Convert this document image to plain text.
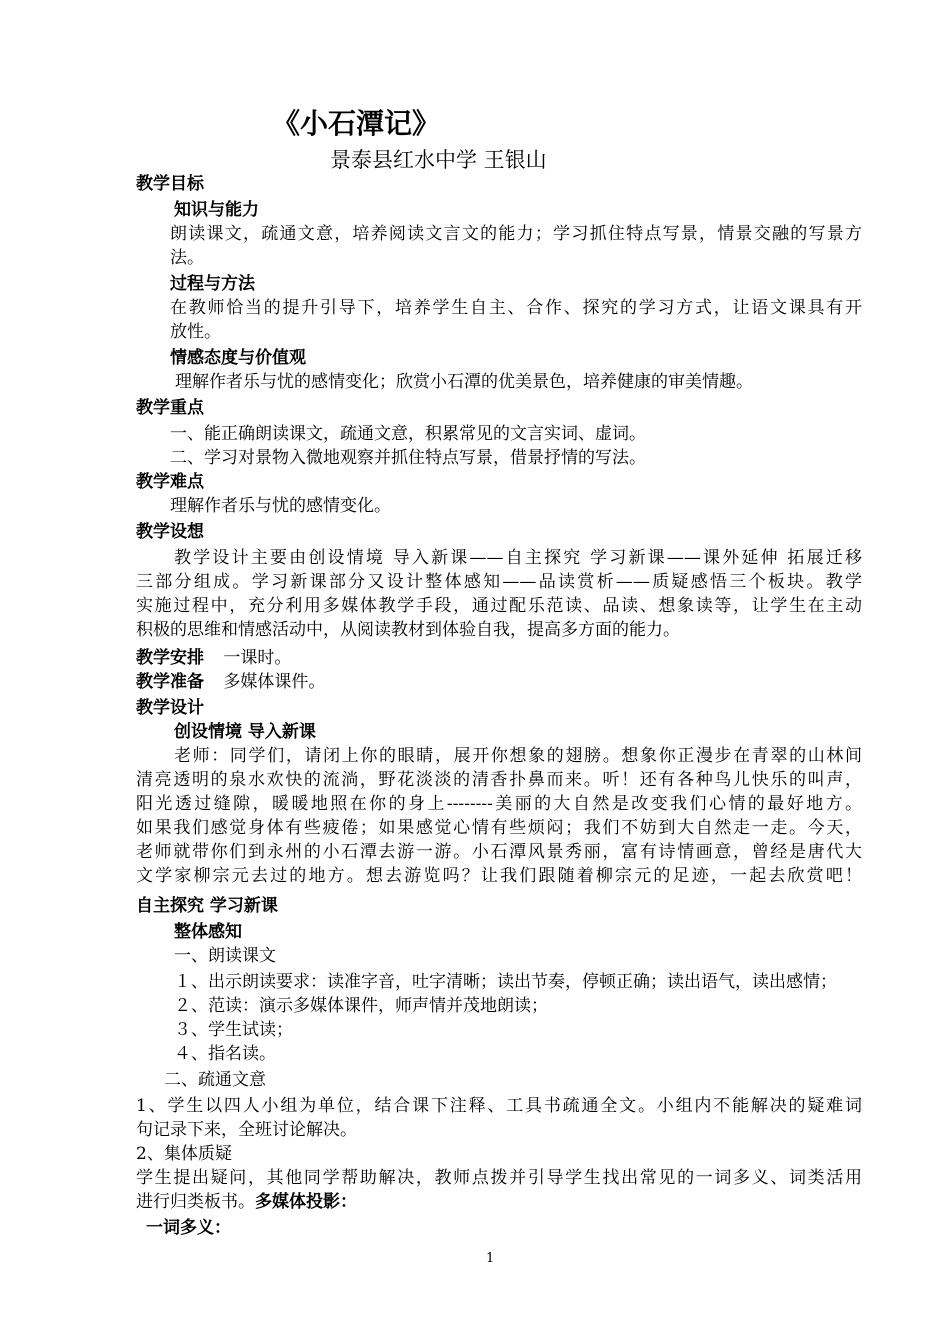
《小石潭记》
景泰县红水中学 王银山
教学目标
知识与能力
朗读课文，疏通文意，培养阅读文言文的能力；学习抓住特点写景，情景交融的写景方
法。
过程与方法
在教师恰当的提升引导下，培养学生自主、合作、探究的学习方式，让语文课具有开
放性。
情感态度与价值观
理解作者乐与忧的感情变化；欣赏小石潭的优美景色，培养健康的审美情趣。
教学重点
一、能正确朗读课文，疏通文意，积累常见的文言实词、虚词。
二、学习对景物入微地观察并抓住特点写景，借景抒情的写法。
教学难点
理解作者乐与忧的感情变化。
教学设想
教学设计主要由创设情境 导入新课——自主探究 学习新课——课外延伸 拓展迁移
三部分组成。学习新课部分又设计整体感知——品读赏析——质疑感悟三个板块。教学
实施过程中，充分利用多媒体教学手段，通过配乐范读、品读、想象读等，让学生在主动
积极的思维和情感活动中，从阅读教材到体验自我，提高多方面的能力。
教学安排 一课时。
教学准备 多媒体课件。
教学设计
创设情境 导入新课
老师：同学们，请闭上你的眼睛，展开你想象的翅膀。想象你正漫步在青翠的山林间
清亮透明的泉水欢快的流淌，野花淡淡的清香扑鼻而来。听！还有各种鸟儿快乐的叫声，
阳光透过缝隙，暖暖地照在你的身上--------美丽的大自然是改变我们心情的最好地方。
如果我们感觉身体有些疲倦；如果感觉心情有些烦闷；我们不妨到大自然走一走。今天，
老师就带你们到永州的小石潭去游一游。小石潭风景秀丽，富有诗情画意，曾经是唐代大
文学家柳宗元去过的地方。想去游览吗？让我们跟随着柳宗元的足迹，一起去欣赏吧！
自主探究 学习新课
整体感知
一、朗读课文
１、出示朗读要求：读准字音，吐字清晰；读出节奏，停顿正确；读出语气，读出感情；
２、范读：演示多媒体课件，师声情并茂地朗读；
３、学生试读；
４、指名读。
二、疏通文意
1、学生以四人小组为单位，结合课下注释、工具书疏通全文。小组内不能解决的疑难词
句记录下来，全班讨论解决。
2、集体质疑
学生提出疑问，其他同学帮助解决，教师点拨并引导学生找出常见的一词多义、词类活用
进行归类板书。多媒体投影：
一词多义：
1
